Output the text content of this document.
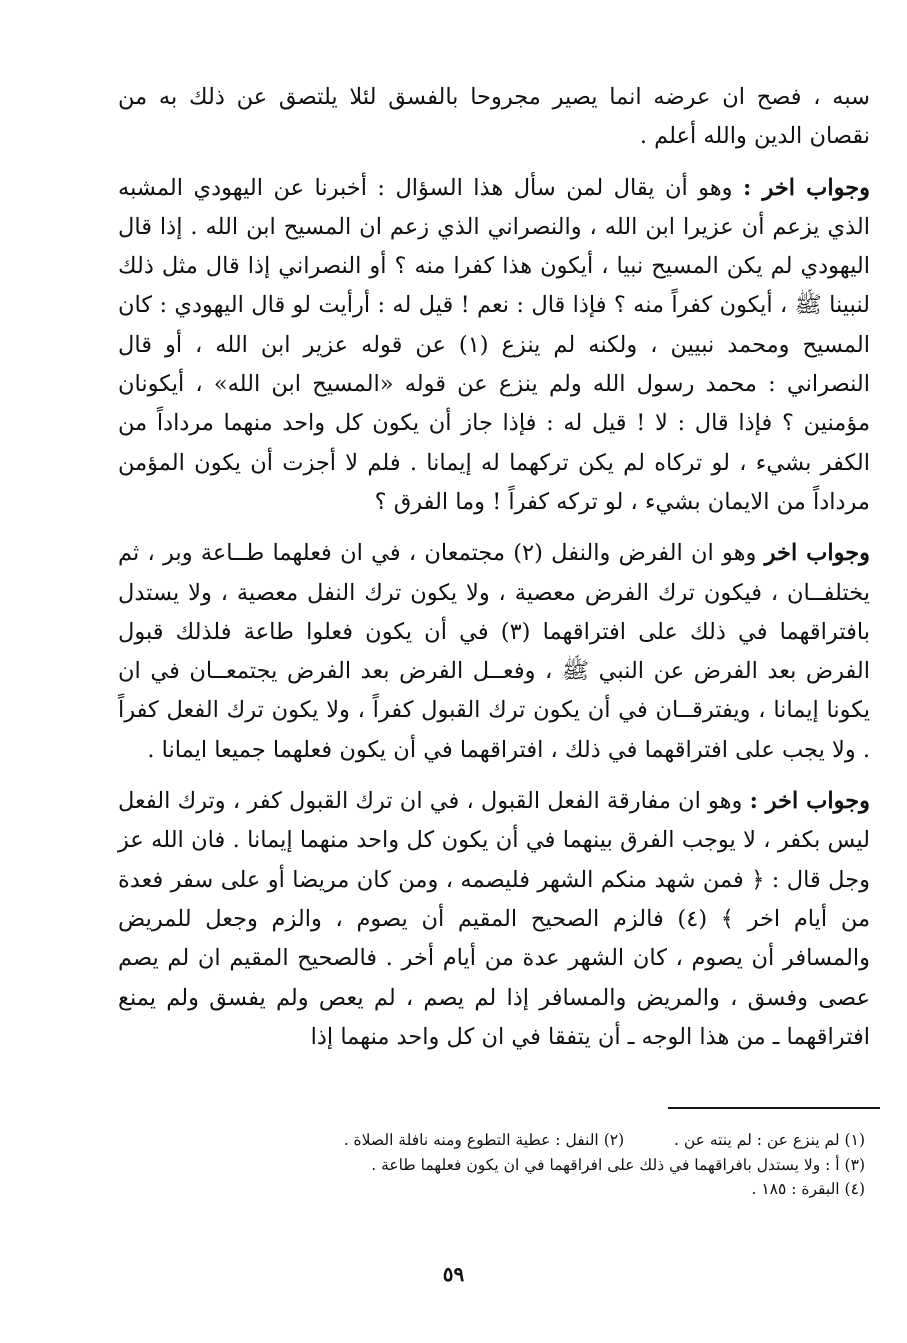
سبه ، فصح ان عرضه انما يصير مجروحا بالفسق لئلا يلتصق عن ذلك به من نقصان الدين والله أعلم .

وجواب اخر : وهو أن يقال لمن سأل هذا السؤال : أخبرنا عن اليهودي المشبه الذي يزعم أن عزيرا ابن الله ، والنصراني الذي زعم ان المسيح ابن الله . إذا قال اليهودي لم يكن المسيح نبيا ، أيكون هذا كفرا منه ؟ أو النصراني إذا قال مثل ذلك لنبينا ﷺ ، أيكون كفراً منه ؟ فإذا قال : نعم ! قيل له : أرأيت لو قال اليهودي : كان المسيح ومحمد نبيين ، ولكنه لم ينزع (١) عن قوله عزير ابن الله ، أو قال النصراني : محمد رسول الله ولم ينزع عن قوله «المسيح ابن الله» ، أيكونان مؤمنين ؟ فإذا قال : لا ! قيل له : فإذا جاز أن يكون كل واحد منهما مرداداً من الكفر بشيء ، لو تركاه لم يكن تركهما له إيمانا . فلم لا أجزت أن يكون المؤمن مرداداً من الايمان بشيء ، لو تركه كفراً ! وما الفرق ؟

وجواب اخر وهو ان الفرض والنفل (٢) مجتمعان ، في ان فعلهما طــاعة وبر ، ثم يختلفــان ، فيكون ترك الفرض معصية ، ولا يكون ترك النفل معصية ، ولا يستدل بافتراقهما في ذلك على افتراقهما (٣) في أن يكون فعلوا طاعة فلذلك قبول الفرض بعد الفرض عن النبي ﷺ ، وفعــل الفرض بعد الفرض يجتمعــان في ان يكونا إيمانا ، ويفترقــان في أن يكون ترك القبول كفراً ، ولا يكون ترك الفعل كفراً . ولا يجب على افتراقهما في ذلك ، افتراقهما في أن يكون فعلهما جميعا ايمانا .

وجواب اخر : وهو ان مفارقة الفعل القبول ، في ان ترك القبول كفر ، وترك الفعل ليس بكفر ، لا يوجب الفرق بينهما في أن يكون كل واحد منهما إيمانا . فان الله عز وجل قال : ﴿ فمن شهد منكم الشهر فليصمه ، ومن كان مريضا أو على سفر فعدة من أيام اخر ﴾ (٤) فالزم الصحيح المقيم أن يصوم ، والزم وجعل للمريض والمسافر أن يصوم ، كان الشهر عدة من أيام أخر . فالصحيح المقيم ان لم يصم عصى وفسق ، والمريض والمسافر إذا لم يصم ، لم يعص ولم يفسق ولم يمنع افتراقهما ـ من هذا الوجه ـ أن يتفقا في ان كل واحد منهما إذا

(١) لم ينزع عن : لم ينته عن .  (٢) النفل : عطية التطوع ومنه نافلة الصلاة .
(٣) أ : ولا يستدل بافراقهما في ذلك على افراقهما في ان يكون فعلهما طاعة .
(٤) البقرة : ١٨٥ .
٥٩
